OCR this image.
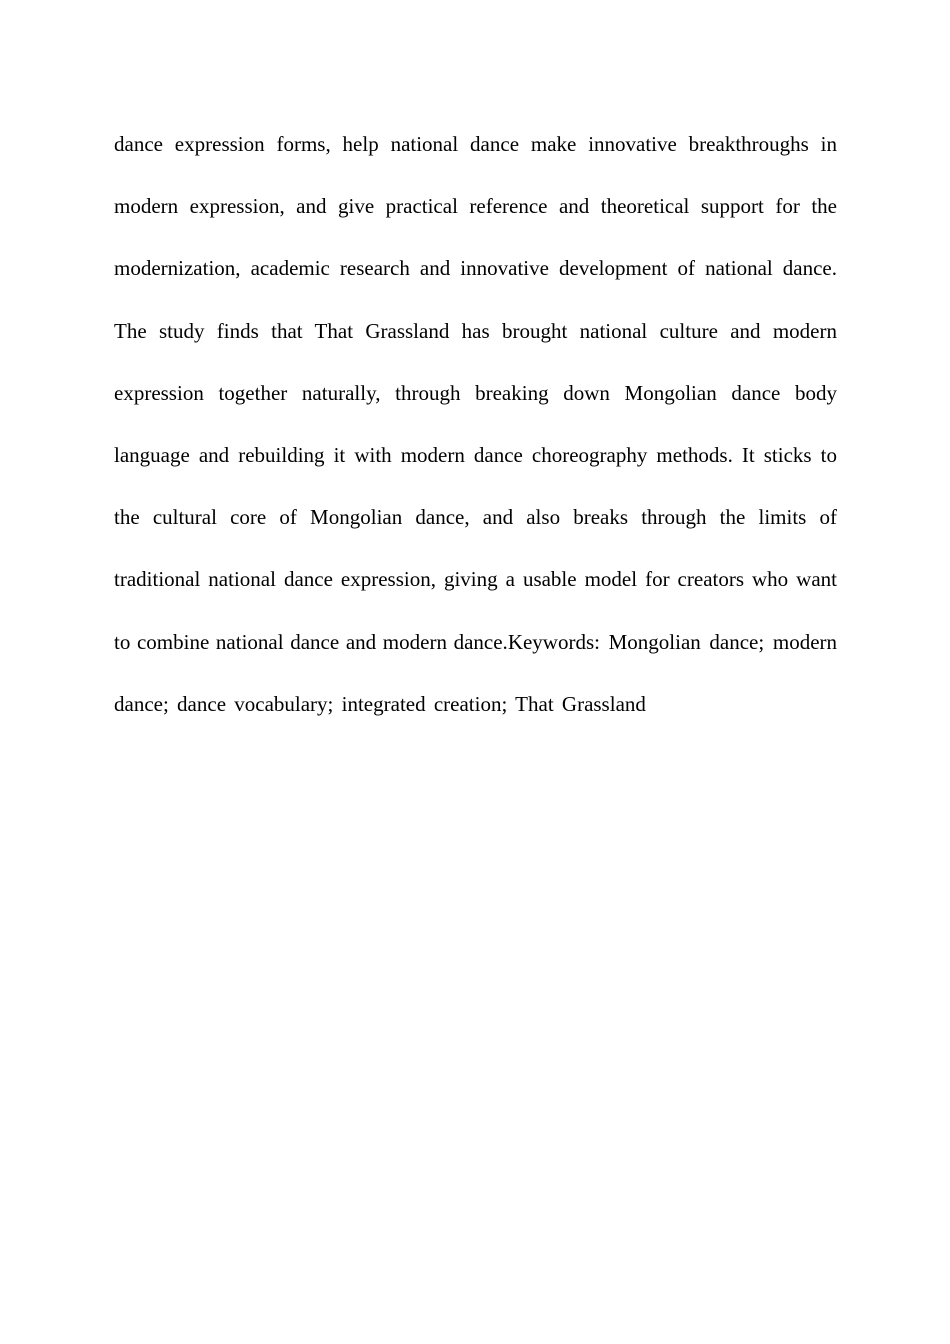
dance expression forms, help national dance make innovative breakthroughs in modern expression, and give practical reference and theoretical support for the modernization, academic research and innovative development of national dance. The study finds that That Grassland has brought national culture and modern expression together naturally, through breaking down Mongolian dance body language and rebuilding it with modern dance choreography methods. It sticks to the cultural core of Mongolian dance, and also breaks through the limits of traditional national dance expression, giving a usable model for creators who want to combine national dance and modern dance.Keywords: Mongolian dance; modern dance; dance vocabulary; integrated creation; That Grassland
